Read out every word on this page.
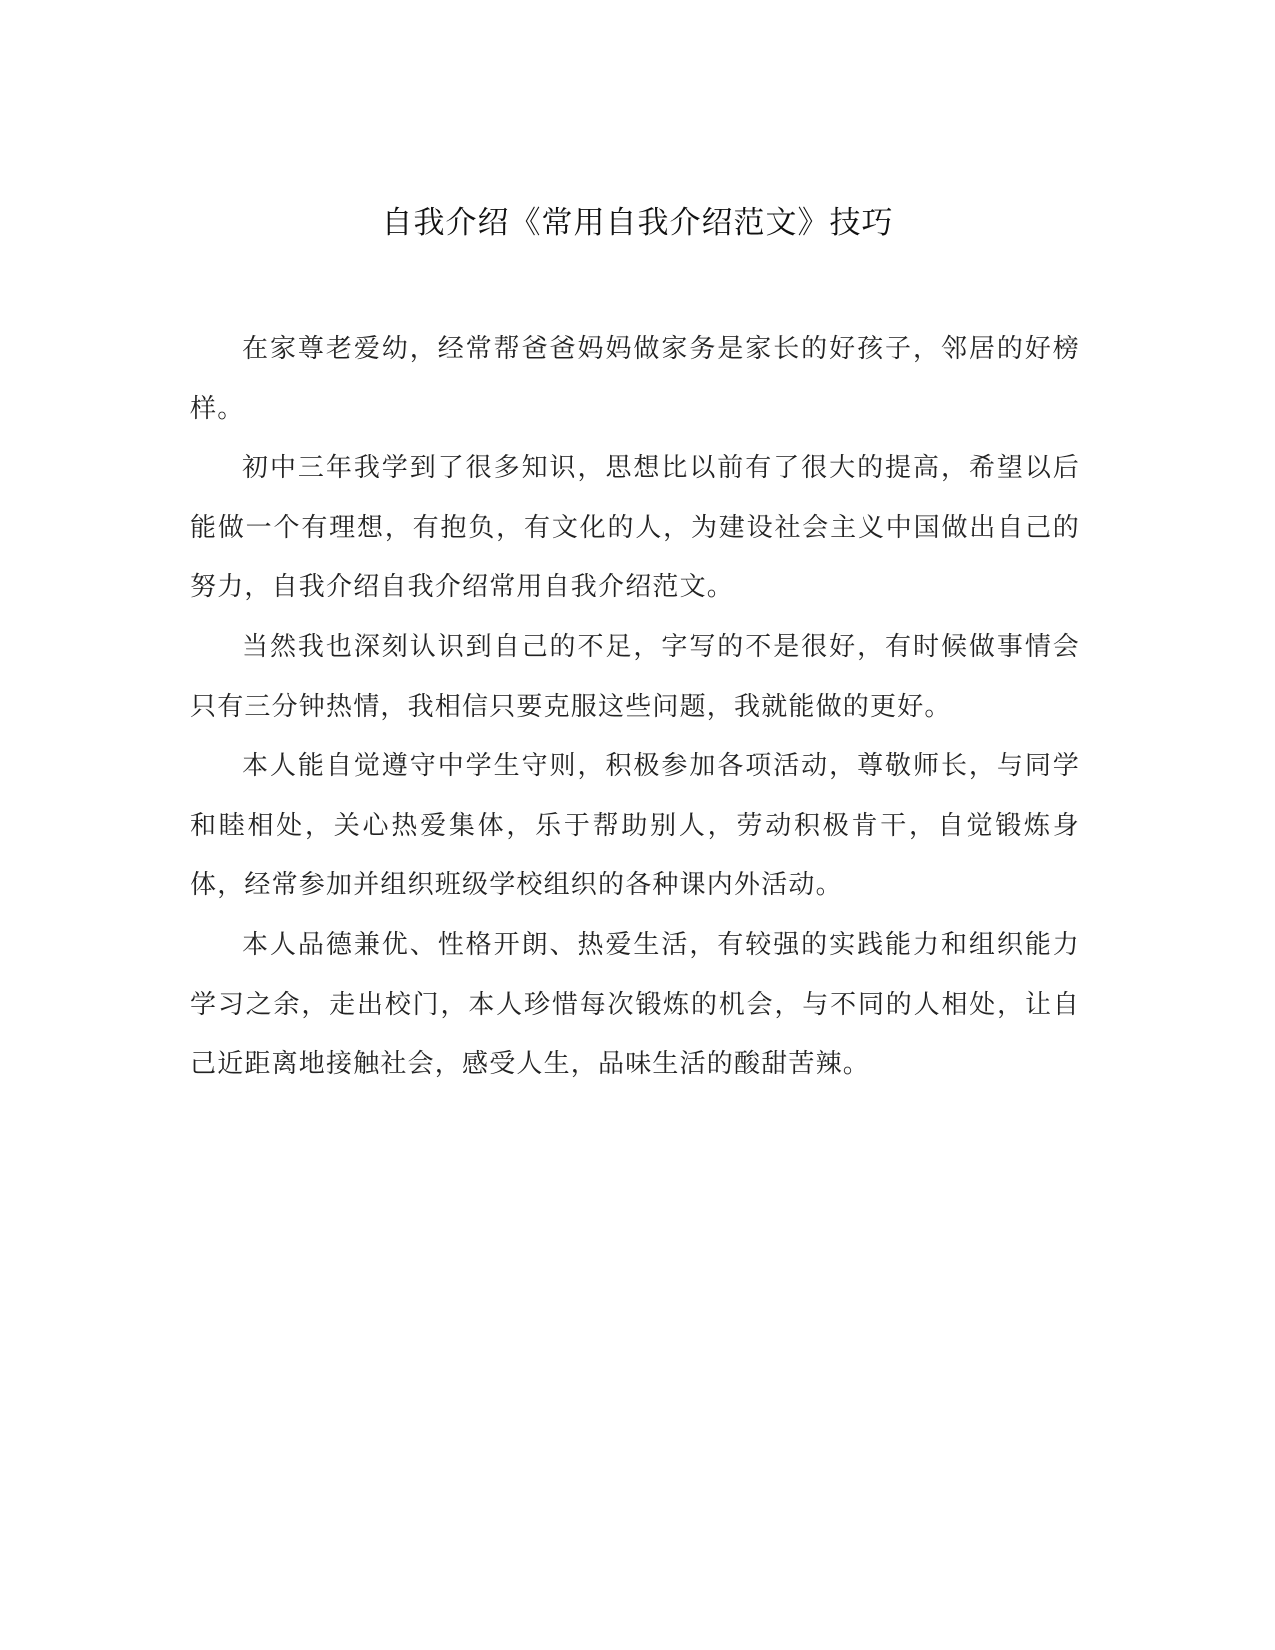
自我介绍《常用自我介绍范文》技巧

在家尊老爱幼，经常帮爸爸妈妈做家务是家长的好孩子，邻居的好榜样。

初中三年我学到了很多知识，思想比以前有了很大的提高，希望以后能做一个有理想，有抱负，有文化的人，为建设社会主义中国做出自己的努力，自我介绍自我介绍常用自我介绍范文。

当然我也深刻认识到自己的不足，字写的不是很好，有时候做事情会只有三分钟热情，我相信只要克服这些问题，我就能做的更好。

本人能自觉遵守中学生守则，积极参加各项活动，尊敬师长，与同学和睦相处，关心热爱集体，乐于帮助别人，劳动积极肯干，自觉锻炼身体，经常参加并组织班级学校组织的各种课内外活动。

本人品德兼优、性格开朗、热爱生活，有较强的实践能力和组织能力学习之余，走出校门，本人珍惜每次锻炼的机会，与不同的人相处，让自己近距离地接触社会，感受人生，品味生活的酸甜苦辣。
